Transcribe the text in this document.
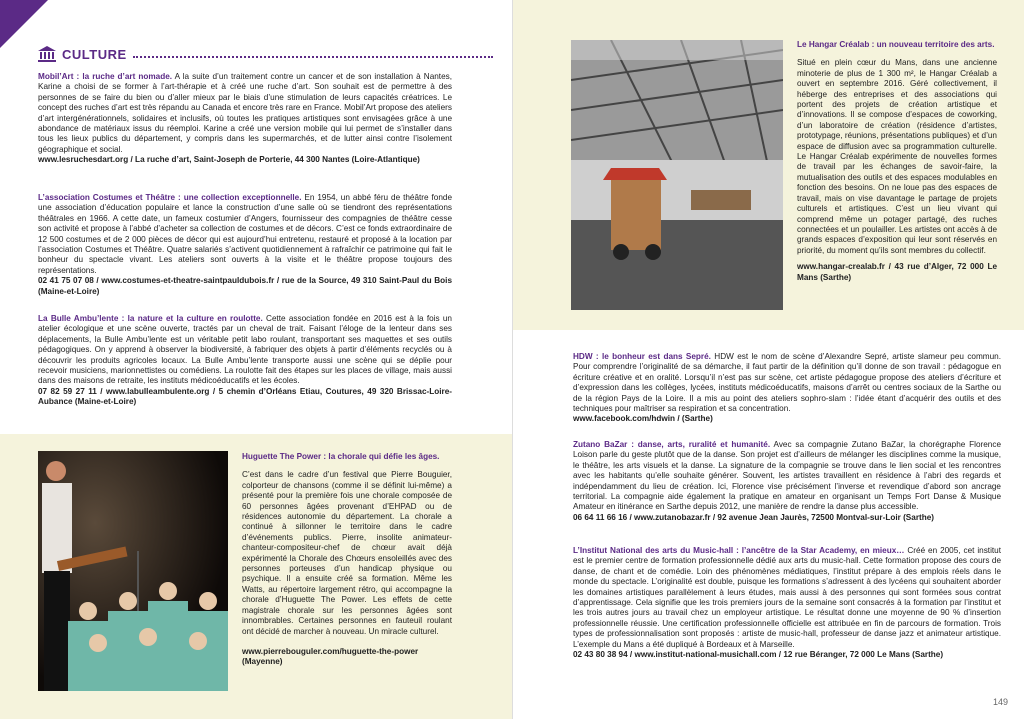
CULTURE

Mobil’Art : la ruche d’art nomade. A la suite d’un traitement contre un cancer et de son installation à Nantes, Karine a choisi de se former à l’art-thérapie et à créé une ruche d’art. Son souhait est de permettre à des personnes de se faire du bien ou d’aller mieux par le biais d’une stimulation de leurs capacités créatrices. Le concept des ruches d’art est très répandu au Canada et encore très rare en France. Mobil’Art propose des ateliers d’art intergénérationnels, solidaires et inclusifs, où toutes les pratiques artistiques sont envisagées grâce à une abondance de matériaux issus du réemploi. Karine a créé une version mobile qui lui permet de s’installer dans tous les lieux publics du département, y compris dans les supermarchés, et de lutter ainsi contre l’isolement géographique et social.

www.lesruchesdart.org / La ruche d’art, Saint-Joseph de Porterie, 44 300 Nantes (Loire-Atlantique)

L’association Costumes et Théâtre : une collection exceptionnelle. En 1954, un abbé féru de théâtre fonde une association d’éducation populaire et lance la construction d’une salle où se tiendront des représentations théâtrales en 1966. A cette date, un fameux costumier d’Angers, fournisseur des compagnies de théâtre cesse son activité et propose à l’abbé d’acheter sa collection de costumes et de décors. C’est ce fonds extraordinaire de 12 500 costumes et de 2 000 pièces de décor qui est aujourd’hui entretenu, restauré et proposé à la location par l’association Costumes et Théâtre. Quatre salariés s’activent quotidiennement à rafraîchir ce patrimoine qui fait le bonheur du spectacle vivant. Les ateliers sont ouverts à la visite et le théâtre propose toujours des représentations.

02 41 75 07 08 / www.costumes-et-theatre-saintpauldubois.fr / rue de la Source, 49 310 Saint-Paul du Bois (Maine-et-Loire)

La Bulle Ambu’lente : la nature et la culture en roulotte. Cette association fondée en 2016 est à la fois un atelier écologique et une scène ouverte, tractés par un cheval de trait. Faisant l’éloge de la lenteur dans ses déplacements, la Bulle Ambu’lente est un véritable petit labo roulant, transportant ses maquettes et ses outils pédagogiques. On y apprend à observer la biodiversité, à fabriquer des objets à partir d’éléments recyclés ou à découvrir les produits agricoles locaux. La Bulle Ambu’lente transporte aussi une scène qui se déplie pour recevoir musiciens, marionnettistes ou comédiens. La roulotte fait des étapes sur les places de village, mais aussi dans des maisons de retraite, les instituts médicoéducatifs et les écoles.

07 82 59 27 11 / www.labulleambulente.org / 5 chemin d’Orléans Etiau, Coutures, 49 320 Brissac-Loire-Aubance (Maine-et-Loire)

Huguette The Power : la chorale qui défie les âges.

C’est dans le cadre d’un festival que Pierre Bouguier, colporteur de chansons (comme il se définit lui-même) a présenté pour la première fois une chorale composée de 60 personnes âgées provenant d’EHPAD ou de résidences autonomie du département. La chorale a continué à sillonner le territoire dans le cadre d’événements publics. Pierre, insolite animateur-chanteur-compositeur-chef de chœur avait déjà expérimenté la Chorale des Chœurs ensoleillés avec des personnes porteuses d’un handicap physique ou psychique. Il a ensuite créé sa formation. Même les Watts, au répertoire largement rétro, qui accompagne la chorale d’Huguette The Power. Les effets de cette magistrale chorale sur les personnes âgées sont innombrables. Certaines personnes en fauteuil roulant ont décidé de marcher à nouveau. Un miracle culturel.

www.pierrebouguler.com/huguette-the-power (Mayenne)

Le Hangar Créalab : un nouveau territoire des arts.

Situé en plein cœur du Mans, dans une ancienne minoterie de plus de 1 300 m², le Hangar Créalab a ouvert en septembre 2016. Géré collectivement, il héberge des entreprises et des associations qui portent des projets de création artistique et d’innovations. Il se compose d’espaces de coworking, d’un laboratoire de création (résidence d’artistes, prototypage, réunions, présentations publiques) et d’un espace de diffusion avec sa programmation culturelle. Le Hangar Créalab expérimente de nouvelles formes de travail par les échanges de savoir-faire, la mutualisation des outils et des espaces modulables en fonction des besoins. On ne loue pas des espaces de travail, mais on vise davantage le partage de projets culturels et artistiques. C’est un lieu vivant qui comprend même un potager partagé, des ruches connectées et un poulailler. Les artistes ont accès à de grands espaces d’exposition qui leur sont réservés en priorité, du moment qu’ils sont membres du collectif.

www.hangar-crealab.fr / 43 rue d’Alger, 72 000 Le Mans (Sarthe)

HDW : le bonheur est dans Sepré. HDW est le nom de scène d’Alexandre Sepré, artiste slameur peu commun. Pour comprendre l’originalité de sa démarche, il faut partir de la définition qu’il donne de son travail : pédagogue en écriture créative et en oralité. Lorsqu’il n’est pas sur scène, cet artiste pédagogue propose des ateliers d’écriture et d’expression dans les collèges, lycées, instituts médicoéducatifs, maisons d’arrêt ou centres sociaux de la Sarthe ou de la région Pays de la Loire. Il a mis au point des ateliers sophro-slam : l’idée étant d’acquérir des outils et des techniques pour maîtriser sa respiration et sa concentration.

www.facebook.com/hdwin / (Sarthe)

Zutano BaZar : danse, arts, ruralité et humanité. Avec sa compagnie Zutano BaZar, la chorégraphe Florence Loison parle du geste plutôt que de la danse. Son projet est d’ailleurs de mélanger les disciplines comme la musique, le théâtre, les arts visuels et la danse. La signature de la compagnie se trouve dans le lien social et les rencontres avec les habitants qu’elle souhaite générer. Souvent, les artistes travaillent en résidence à l’abri des regards et indépendamment du lieu de création. Ici, Florence vise précisément l’inverse et revendique d’abord son ancrage territorial. La compagnie aide également la pratique en amateur en organisant un Temps Fort Danse & Musique Amateur en itinérance en Sarthe depuis 2012, une manière de rendre la danse plus accessible.

06 64 11 66 16 / www.zutanobazar.fr / 92 avenue Jean Jaurès, 72500 Montval-sur-Loir (Sarthe)

L’Institut National des arts du Music-hall : l’ancêtre de la Star Academy, en mieux… Créé en 2005, cet institut est le premier centre de formation professionnelle dédié aux arts du music-hall. Cette formation propose des cours de danse, de chant et de comédie. Loin des phénomènes médiatiques, l’institut prépare à des emplois réels dans le monde du spectacle. L’originalité est double, puisque les formations s’adressent à des lycéens qui souhaitent aborder les domaines artistiques parallèlement à leurs études, mais aussi à des personnes qui sont formées sous contrat d’apprentissage. Cela signifie que les trois premiers jours de la semaine sont consacrés à la formation par l’institut et les trois autres jours au travail chez un employeur artistique. Le résultat donne une moyenne de 90 % d’insertion professionnelle réussie. Une certification professionnelle officielle est attribuée en fin de parcours de formation. Trois types de professionnalisation sont proposés : artiste de music-hall, professeur de danse jazz et animateur artistique. L’exemple du Mans a été dupliqué à Bordeaux et à Marseille.

02 43 80 38 94 / www.institut-national-musichall.com / 12 rue Béranger, 72 000 Le Mans (Sarthe)

149
